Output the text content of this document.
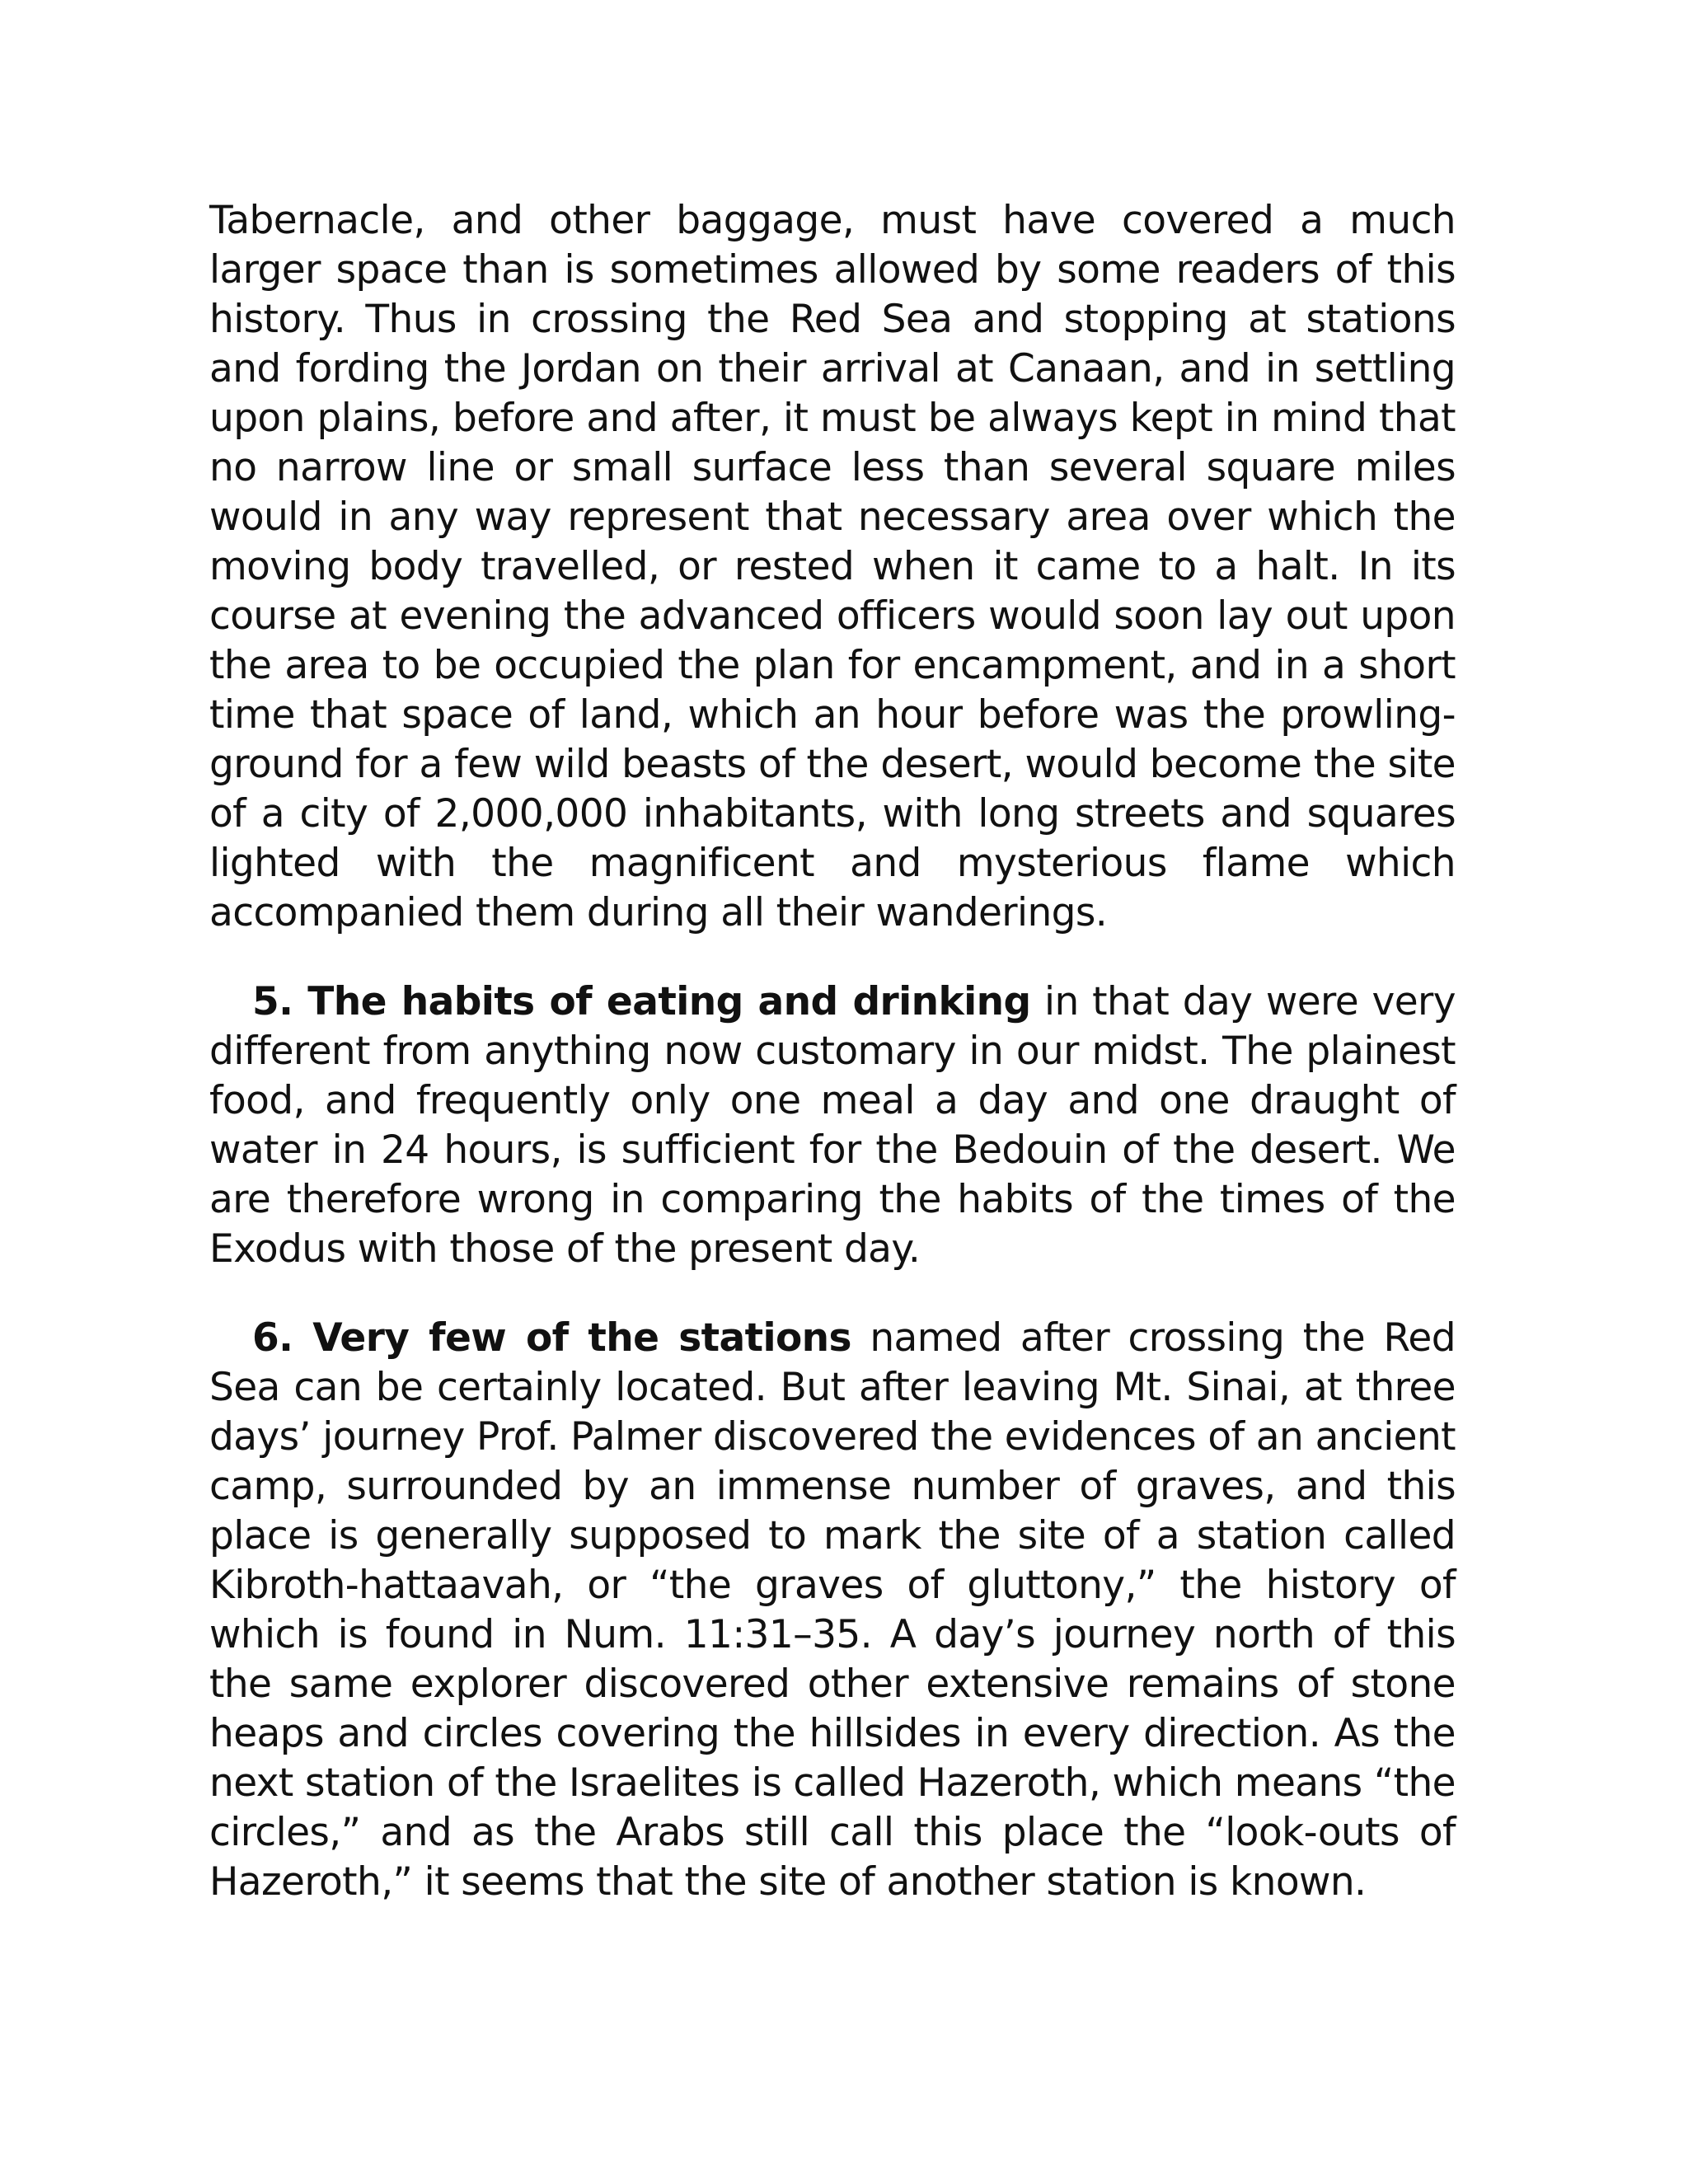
Tabernacle, and other baggage, must have covered a much larger space than is sometimes allowed by some readers of this history. Thus in crossing the Red Sea and stopping at stations and fording the Jordan on their arrival at Canaan, and in settling upon plains, before and after, it must be always kept in mind that no narrow line or small surface less than several square miles would in any way represent that necessary area over which the moving body travelled, or rested when it came to a halt. In its course at evening the advanced officers would soon lay out upon the area to be occupied the plan for encampment, and in a short time that space of land, which an hour before was the prowling-ground for a few wild beasts of the desert, would become the site of a city of 2,000,000 inhabitants, with long streets and squares lighted with the magnificent and mysterious flame which accompanied them during all their wanderings.

5. The habits of eating and drinking in that day were very different from anything now customary in our midst. The plainest food, and frequently only one meal a day and one draught of water in 24 hours, is sufficient for the Bedouin of the desert. We are therefore wrong in comparing the habits of the times of the Exodus with those of the present day.

6. Very few of the stations named after crossing the Red Sea can be certainly located. But after leaving Mt. Sinai, at three days’ journey Prof. Palmer discovered the evidences of an ancient camp, surrounded by an immense number of graves, and this place is generally supposed to mark the site of a station called Kibroth-hattaavah, or “the graves of gluttony,” the history of which is found in Num. 11:31–35. A day’s journey north of this the same explorer discovered other extensive remains of stone heaps and circles covering the hillsides in every direction. As the next station of the Israelites is called Hazeroth, which means “the circles,” and as the Arabs still call this place the “look-outs of Hazeroth,” it seems that the site of another station is known.
